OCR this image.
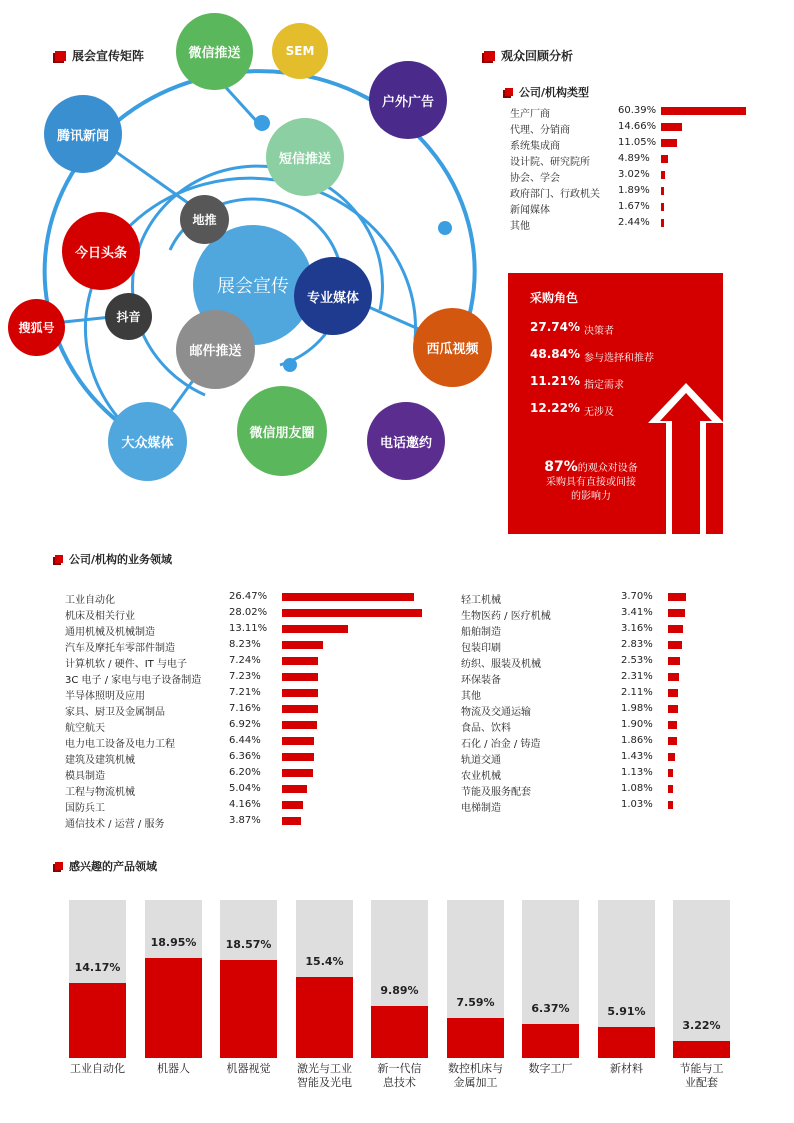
展会宣传矩阵
展会宣传
微信推送	SEM
户外广告
腾讯新闻
短信推送
地推
今日头条
专业媒体
搜狐号
抖音
邮件推送	西瓜视频
大众媒体
微信朋友圈
电话邀约
观众回顾分析
公司/机构类型
生产厂商	60.39%
代理、分销商	14.66%
系统集成商	11.05%
设计院、研究院所	4.89%
协会、学会	3.02%
政府部门、行政机关 1.89%
新闻媒体	1.67%
其他	2.44%
采购角色
27.74% 决策者
48.84% 参与选择和推荐
11.21% 指定需求
12.22% 无涉及
87%的观众对设备
采购具有直接或间接
的影响力
公司/机构的业务领域
工业自动化	26.47%
机床及相关行业	28.02%
通用机械及机械制造	13.11%
汽车及摩托车零部件制造	8.23%
计算机软 / 硬件、IT 与电子	7.24%
3C 电子 / 家电与电子设备制造	7.23%
半导体照明及应用	7.21%
家具、厨卫及金属制品	7.16%
航空航天	6.92%
电力电工设备及电力工程	6.44%
建筑及建筑机械	6.36%
模具制造	6.20%
工程与物流机械	5.04%
国防兵工	4.16%
通信技术 / 运营 / 服务	3.87%
轻工机械	3.70%
生物医药 / 医疗机械	3.41%
船舶制造	3.16%
包装印刷	2.83%
纺织、服装及机械	2.53%
环保装备	2.31%
其他	2.11%
物流及交通运输	1.98%
食品、饮料	1.90%
石化 / 冶金 / 铸造	1.86%
轨道交通	1.43%
农业机械	1.13%
节能及服务配套	1.08%
电梯制造	1.03%
感兴趣的产品领域
14.17%
工业自动化
18.95%
机器人
18.57%
机器视觉
15.4%
激光与工业
智能及光电
9.89%
新一代信
息技术
7.59%
数控机床与
金属加工
6.37%
数字工厂
5.91%
新材料
3.22%
节能与工
业配套
